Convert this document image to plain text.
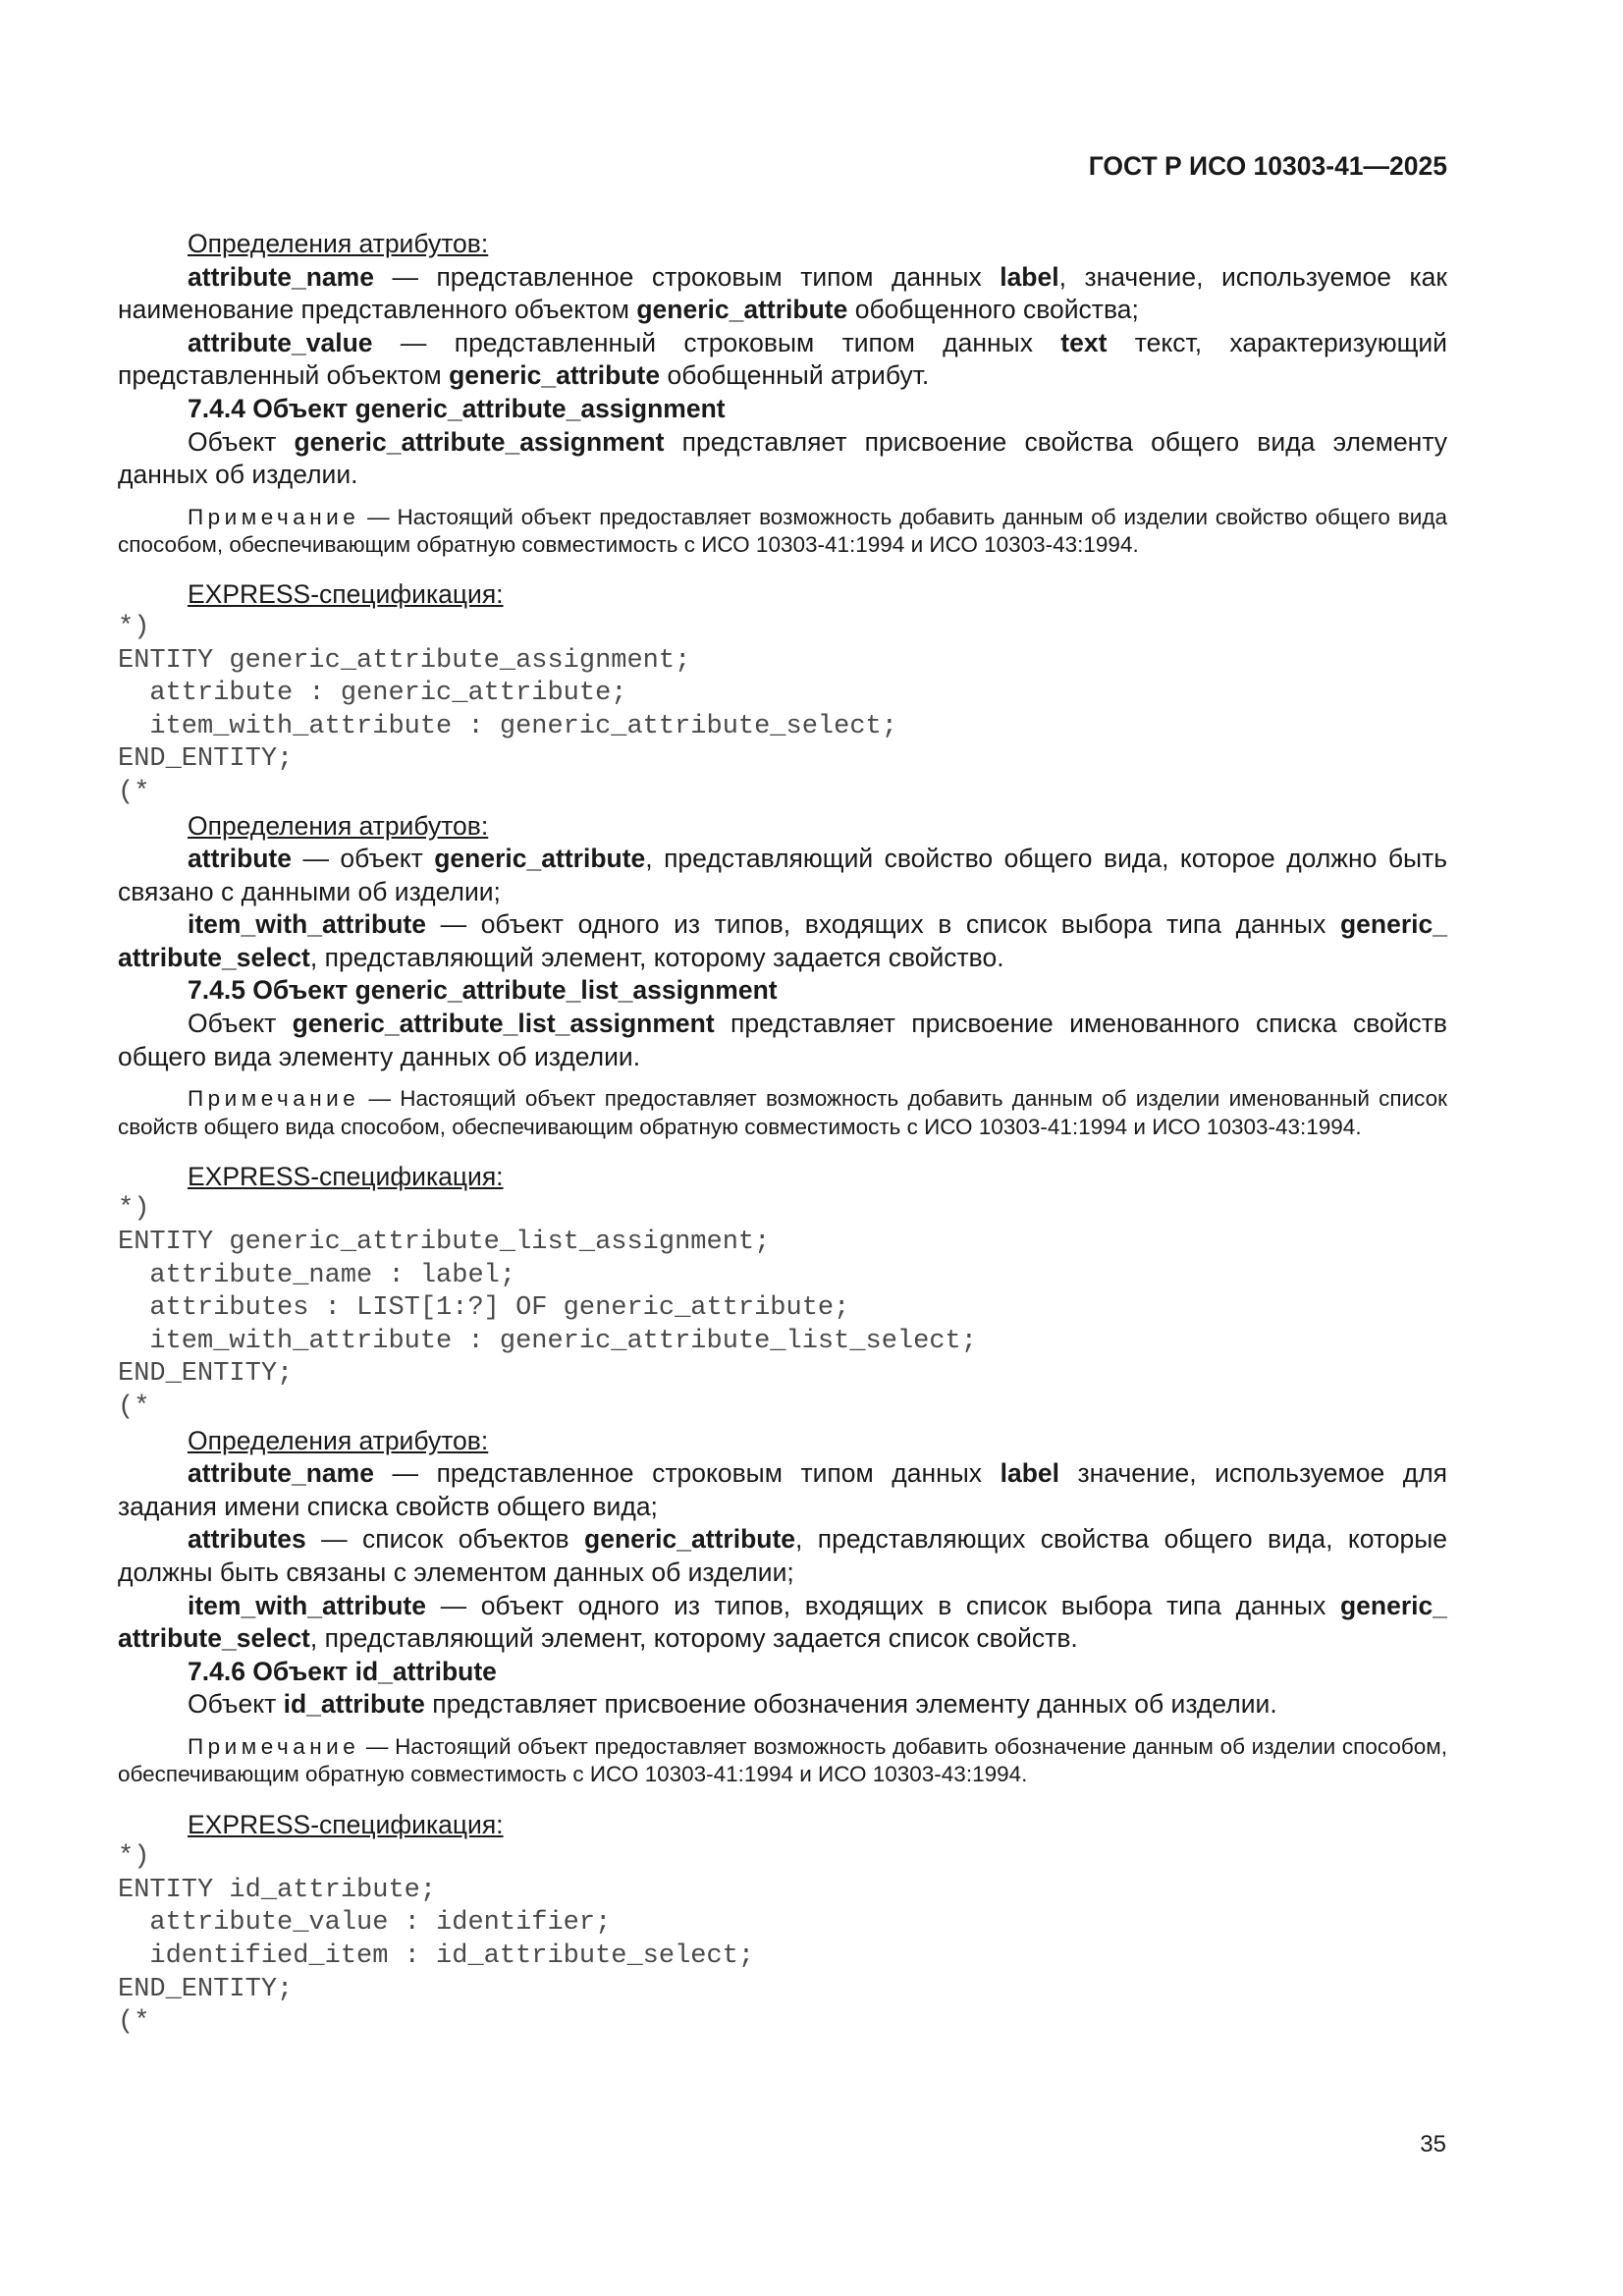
ГОСТ Р ИСО 10303-41—2025

Определения атрибутов:

attribute_name — представленное строковым типом данных label, значение, используемое как наименование представленного объектом generic_attribute обобщенного свойства;

attribute_value — представленный строковым типом данных text текст, характеризующий представленный объектом generic_attribute обобщенный атрибут.

7.4.4 Объект generic_attribute_assignment

Объект generic_attribute_assignment представляет присвоение свойства общего вида элементу данных об изделии.

Примечание — Настоящий объект предоставляет возможность добавить данным об изделии свойство общего вида способом, обеспечивающим обратную совместимость с ИСО 10303-41:1994 и ИСО 10303-43:1994.

EXPRESS-спецификация:

*)
ENTITY generic_attribute_assignment;
attribute : generic_attribute;
item_with_attribute : generic_attribute_select;
END_ENTITY;
(*

Определения атрибутов:

attribute — объект generic_attribute, представляющий свойство общего вида, которое должно быть связано с данными об изделии;

item_with_attribute — объект одного из типов, входящих в список выбора типа данных generic_ attribute_select, представляющий элемент, которому задается свойство.

7.4.5 Объект generic_attribute_list_assignment

Объект generic_attribute_list_assignment представляет присвоение именованного списка свойств общего вида элементу данных об изделии.

Примечание — Настоящий объект предоставляет возможность добавить данным об изделии именованный список свойств общего вида способом, обеспечивающим обратную совместимость с ИСО 10303-41:1994 и ИСО 10303-43:1994.

EXPRESS-спецификация:

*)
ENTITY generic_attribute_list_assignment;
attribute_name : label;
attributes : LIST[1:?] OF generic_attribute;
item_with_attribute : generic_attribute_list_select;
END_ENTITY;
(*

Определения атрибутов:

attribute_name — представленное строковым типом данных label значение, используемое для задания имени списка свойств общего вида;

attributes — список объектов generic_attribute, представляющих свойства общего вида, которые должны быть связаны с элементом данных об изделии;

item_with_attribute — объект одного из типов, входящих в список выбора типа данных generic_ attribute_select, представляющий элемент, которому задается список свойств.

7.4.6 Объект id_attribute

Объект id_attribute представляет присвоение обозначения элементу данных об изделии.

Примечание — Настоящий объект предоставляет возможность добавить обозначение данным об изделии способом, обеспечивающим обратную совместимость с ИСО 10303-41:1994 и ИСО 10303-43:1994.

EXPRESS-спецификация:

*)
ENTITY id_attribute;
attribute_value : identifier;
identified_item : id_attribute_select;
END_ENTITY;
(*

35
